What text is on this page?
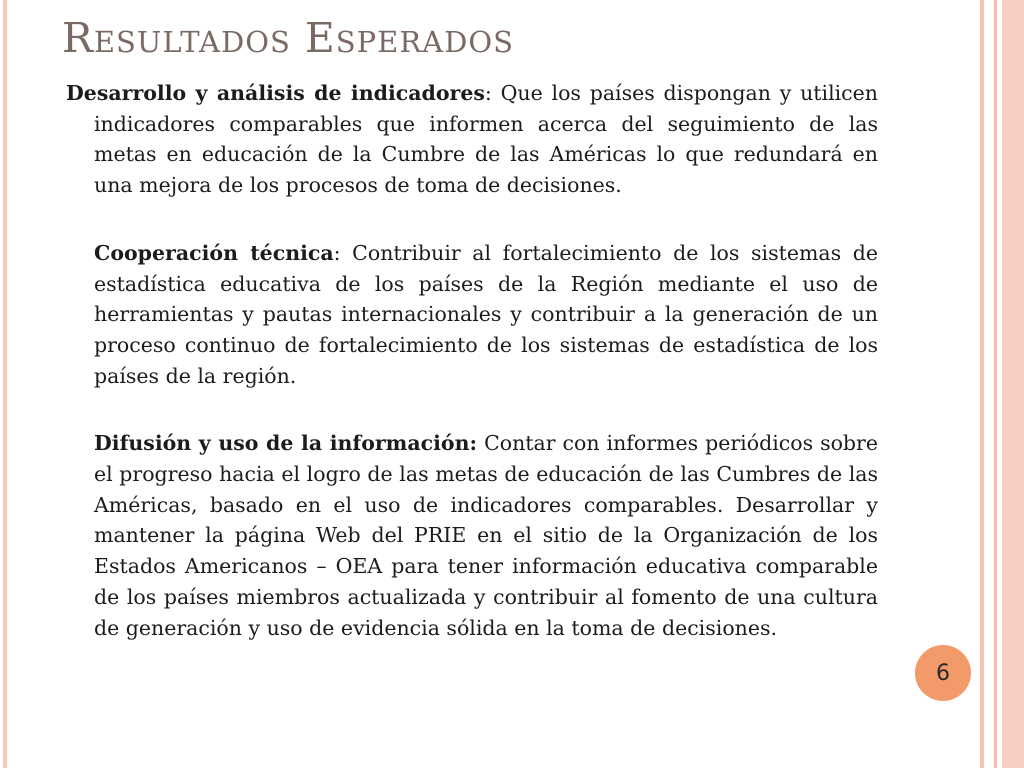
Resultados Esperados

Desarrollo y análisis de indicadores: Que los países dispongan y utilicen indicadores comparables que informen acerca del seguimiento de las metas en educación de la Cumbre de las Américas lo que redundará en una mejora de los procesos de toma de decisiones.

Cooperación técnica: Contribuir al fortalecimiento de los sistemas de estadística educativa de los países de la Región mediante el uso de herramientas y pautas internacionales y contribuir a la generación de un proceso continuo de fortalecimiento de los sistemas de estadística de los países de la región.

Difusión y uso de la información: Contar con informes periódicos sobre el progreso hacia el logro de las metas de educación de las Cumbres de las Américas, basado en el uso de indicadores comparables. Desarrollar y mantener la página Web del PRIE en el sitio de la Organización de los Estados Americanos – OEA para tener información educativa comparable de los países miembros actualizada y contribuir al fomento de una cultura de generación y uso de evidencia sólida en la toma de decisiones.

6
